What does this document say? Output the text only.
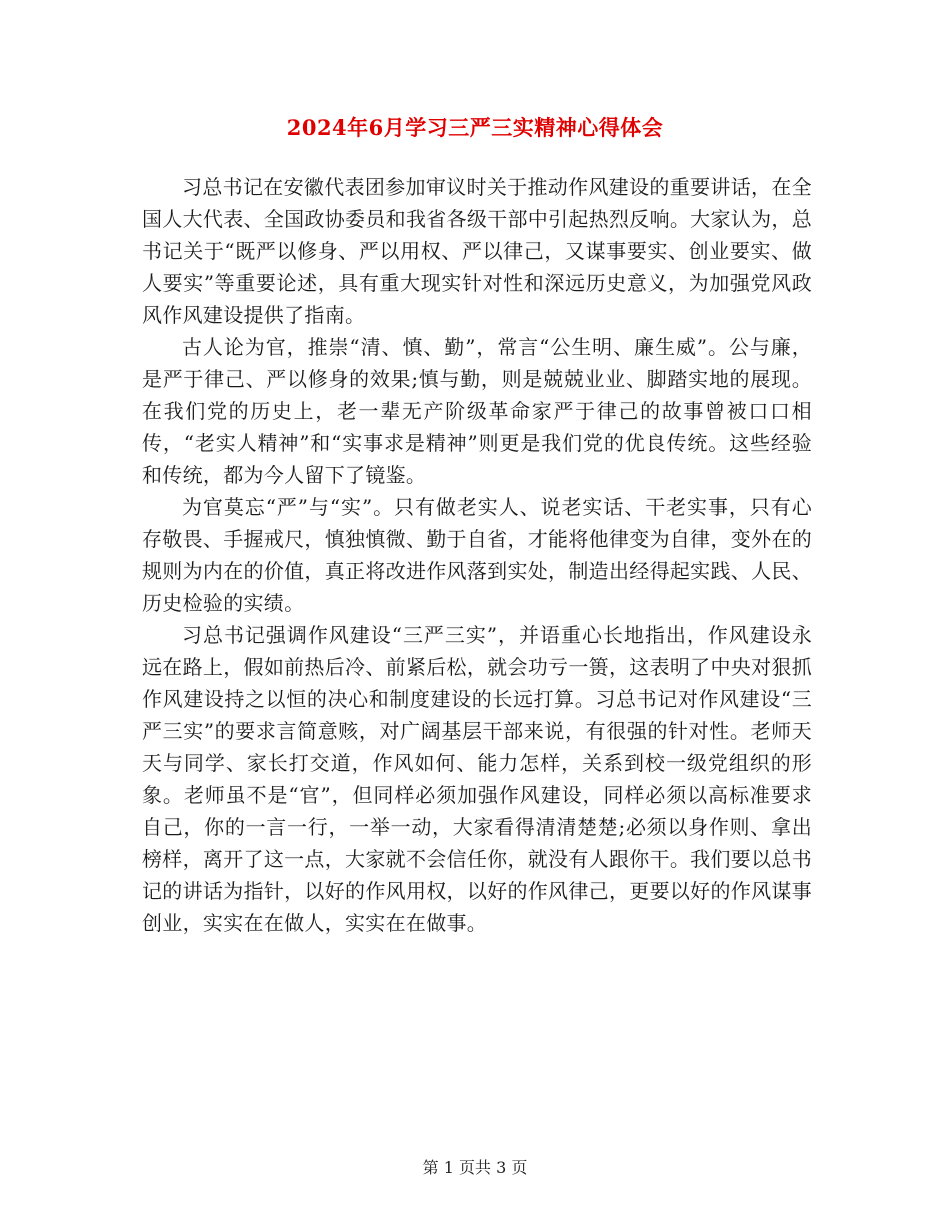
2024年6月学习三严三实精神心得体会

习总书记在安徽代表团参加审议时关于推动作风建设的重要讲话，在全国人大代表、全国政协委员和我省各级干部中引起热烈反响。大家认为，总书记关于“既严以修身、严以用权、严以律己，又谋事要实、创业要实、做人要实”等重要论述，具有重大现实针对性和深远历史意义，为加强党风政风作风建设提供了指南。

古人论为官，推崇“清、慎、勤”，常言“公生明、廉生威”。公与廉，是严于律己、严以修身的效果;慎与勤，则是兢兢业业、脚踏实地的展现。在我们党的历史上，老一辈无产阶级革命家严于律己的故事曾被口口相传，“老实人精神”和“实事求是精神”则更是我们党的优良传统。这些经验和传统，都为今人留下了镜鉴。

为官莫忘“严”与“实”。只有做老实人、说老实话、干老实事，只有心存敬畏、手握戒尺，慎独慎微、勤于自省，才能将他律变为自律，变外在的规则为内在的价值，真正将改进作风落到实处，制造出经得起实践、人民、历史检验的实绩。

习总书记强调作风建设“三严三实”，并语重心长地指出，作风建设永远在路上，假如前热后冷、前紧后松，就会功亏一篑，这表明了中央对狠抓作风建设持之以恒的决心和制度建设的长远打算。习总书记对作风建设“三严三实”的要求言简意赅，对广阔基层干部来说，有很强的针对性。老师天天与同学、家长打交道，作风如何、能力怎样，关系到校一级党组织的形象。老师虽不是“官”，但同样必须加强作风建设，同样必须以高标准要求自己，你的一言一行，一举一动，大家看得清清楚楚;必须以身作则、拿出榜样，离开了这一点，大家就不会信任你，就没有人跟你干。我们要以总书记的讲话为指针，以好的作风用权，以好的作风律己，更要以好的作风谋事创业，实实在在做人，实实在在做事。

第 1 页共 3 页
